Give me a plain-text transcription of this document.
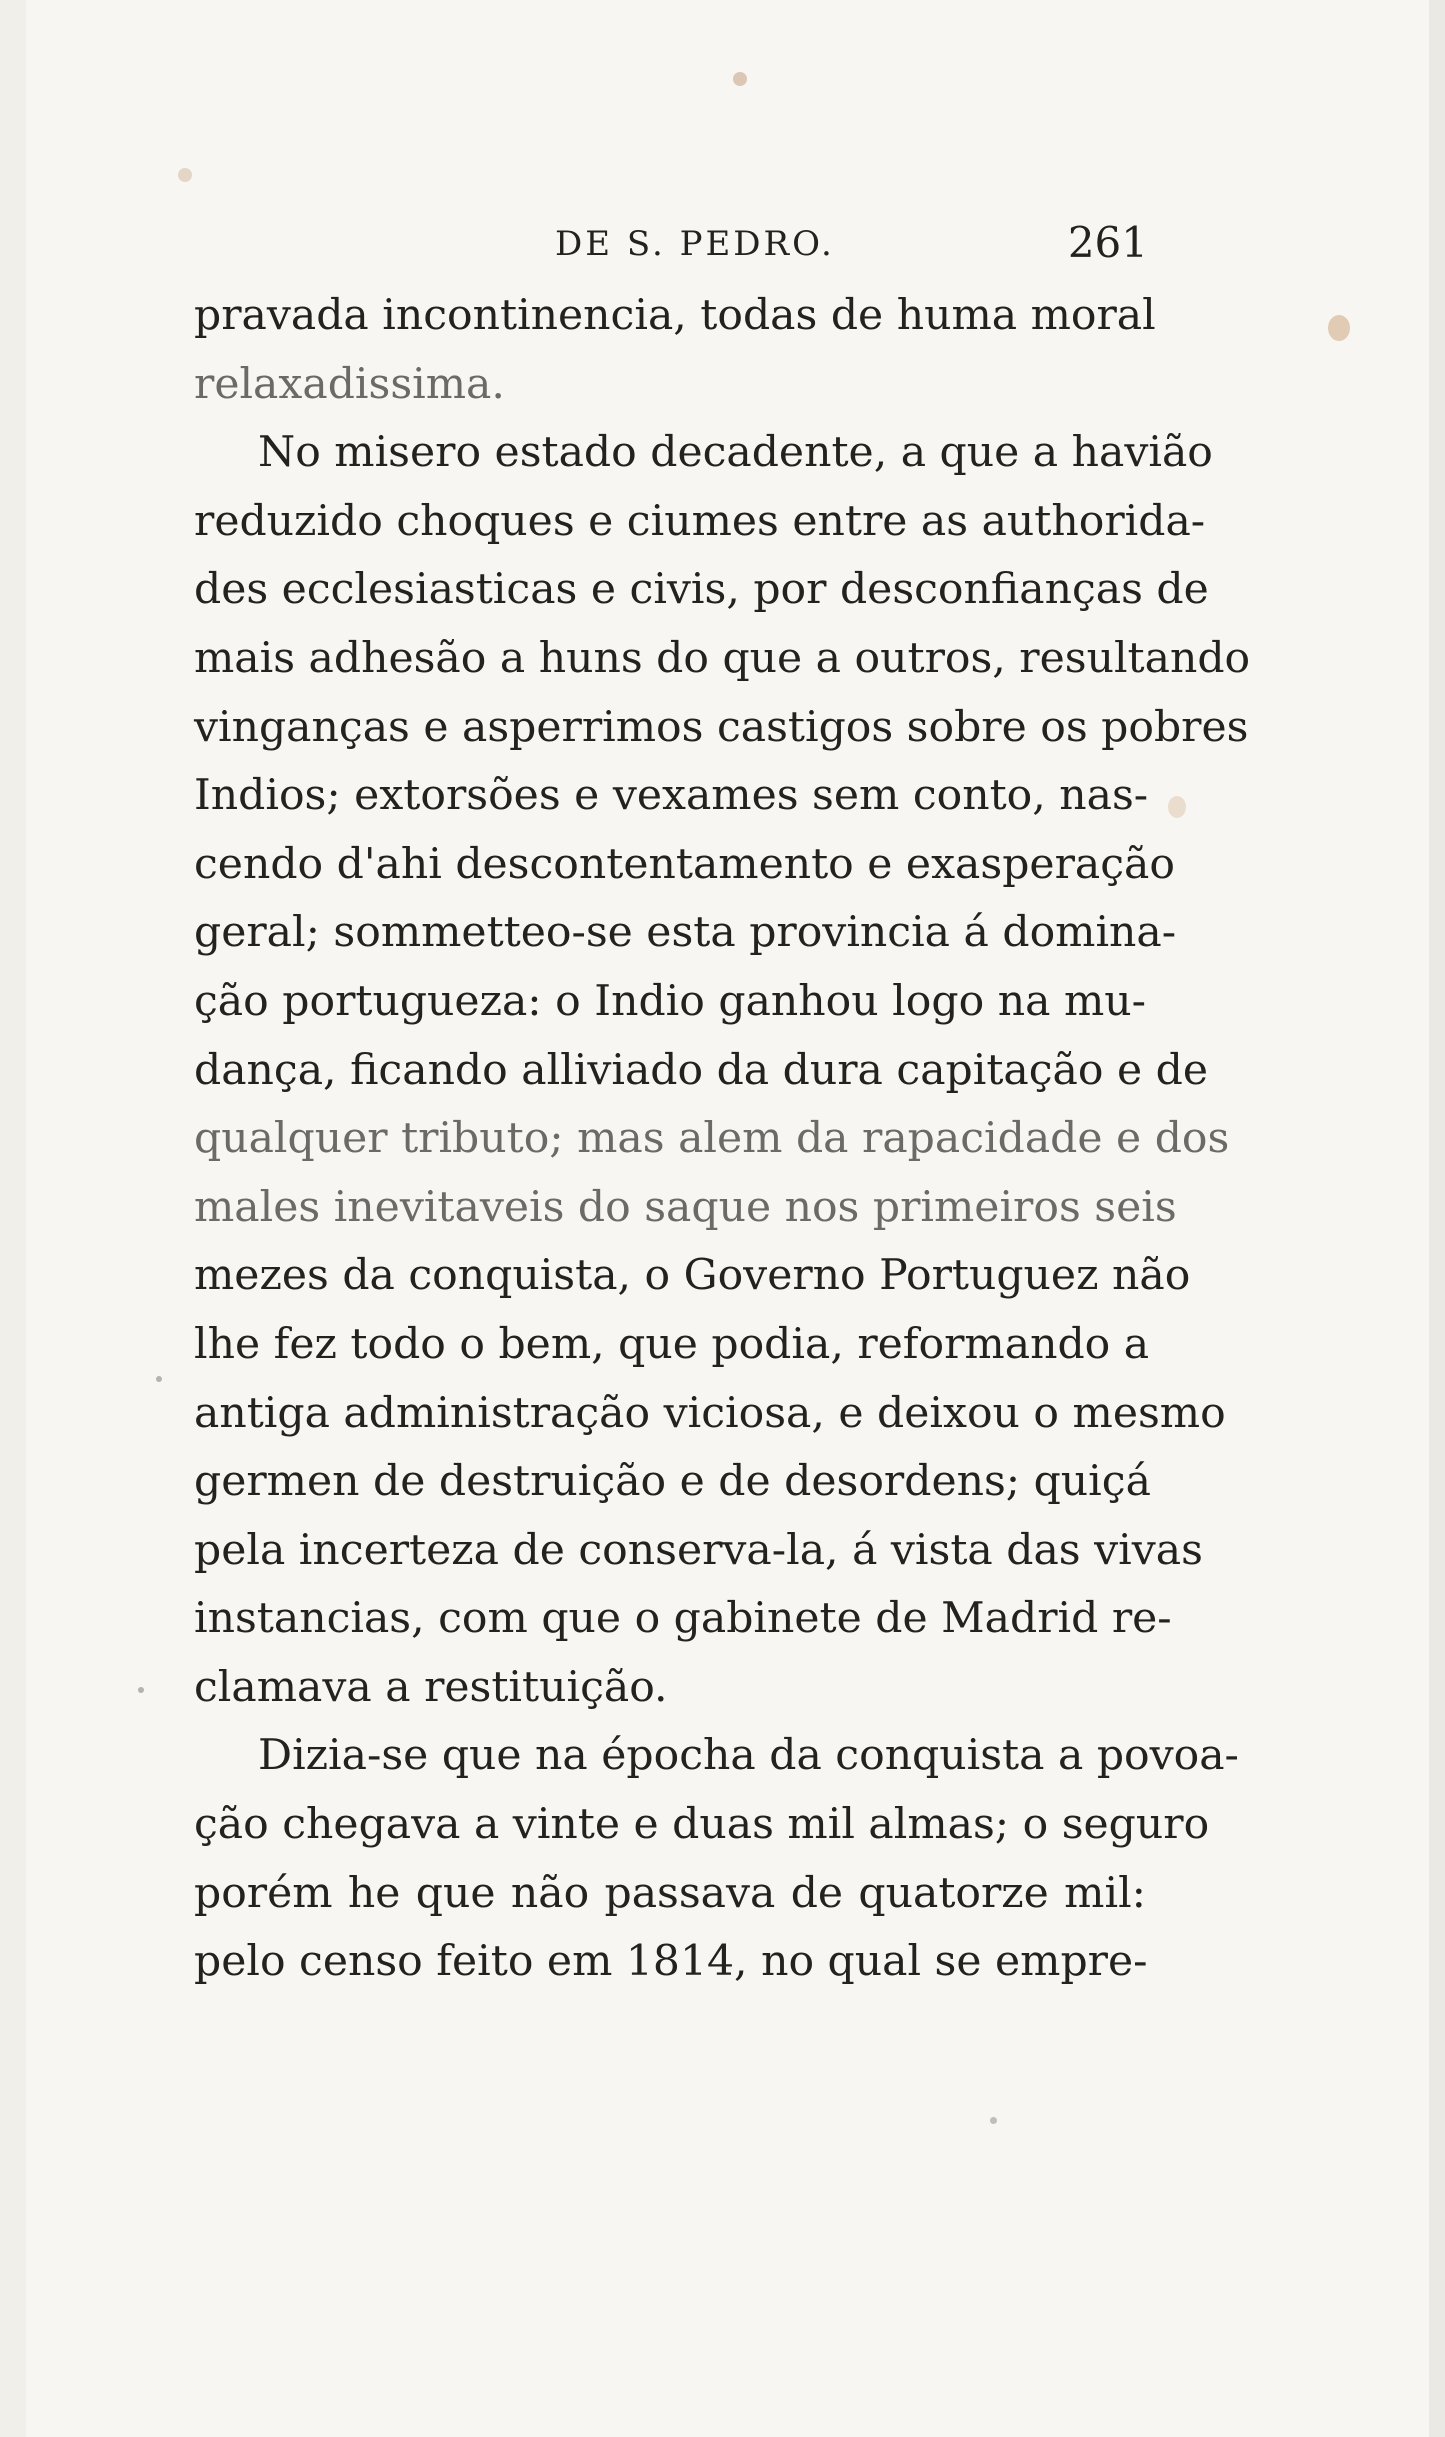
DE S. PEDRO.	261
pravada incontinencia, todas de huma moral
relaxadissima.
No misero estado decadente, a que a havião
reduzido choques e ciumes entre as authorida-
des ecclesiasticas e civis, por desconfianças de
mais adhesão a huns do que a outros, resultando
vinganças e asperrimos castigos sobre os pobres
Indios; extorsões e vexames sem conto, nas-
cendo d'ahi descontentamento e exasperação
geral; sommetteo-se esta provincia á domina-
ção portugueza: o Indio ganhou logo na mu-
dança, ficando alliviado da dura capitação e de
qualquer tributo; mas alem da rapacidade e dos
males inevitaveis do saque nos primeiros seis
mezes da conquista, o Governo Portuguez não
lhe fez todo o bem, que podia, reformando a
antiga administração viciosa, e deixou o mesmo
germen de destruição e de desordens; quiçá
pela incerteza de conserva-la, á vista das vivas
instancias, com que o gabinete de Madrid re-
clamava a restituição.
Dizia-se que na épocha da conquista a povoa-
ção chegava a vinte e duas mil almas; o seguro
porém he que não passava de quatorze mil:
pelo censo feito em 1814, no qual se empre-
